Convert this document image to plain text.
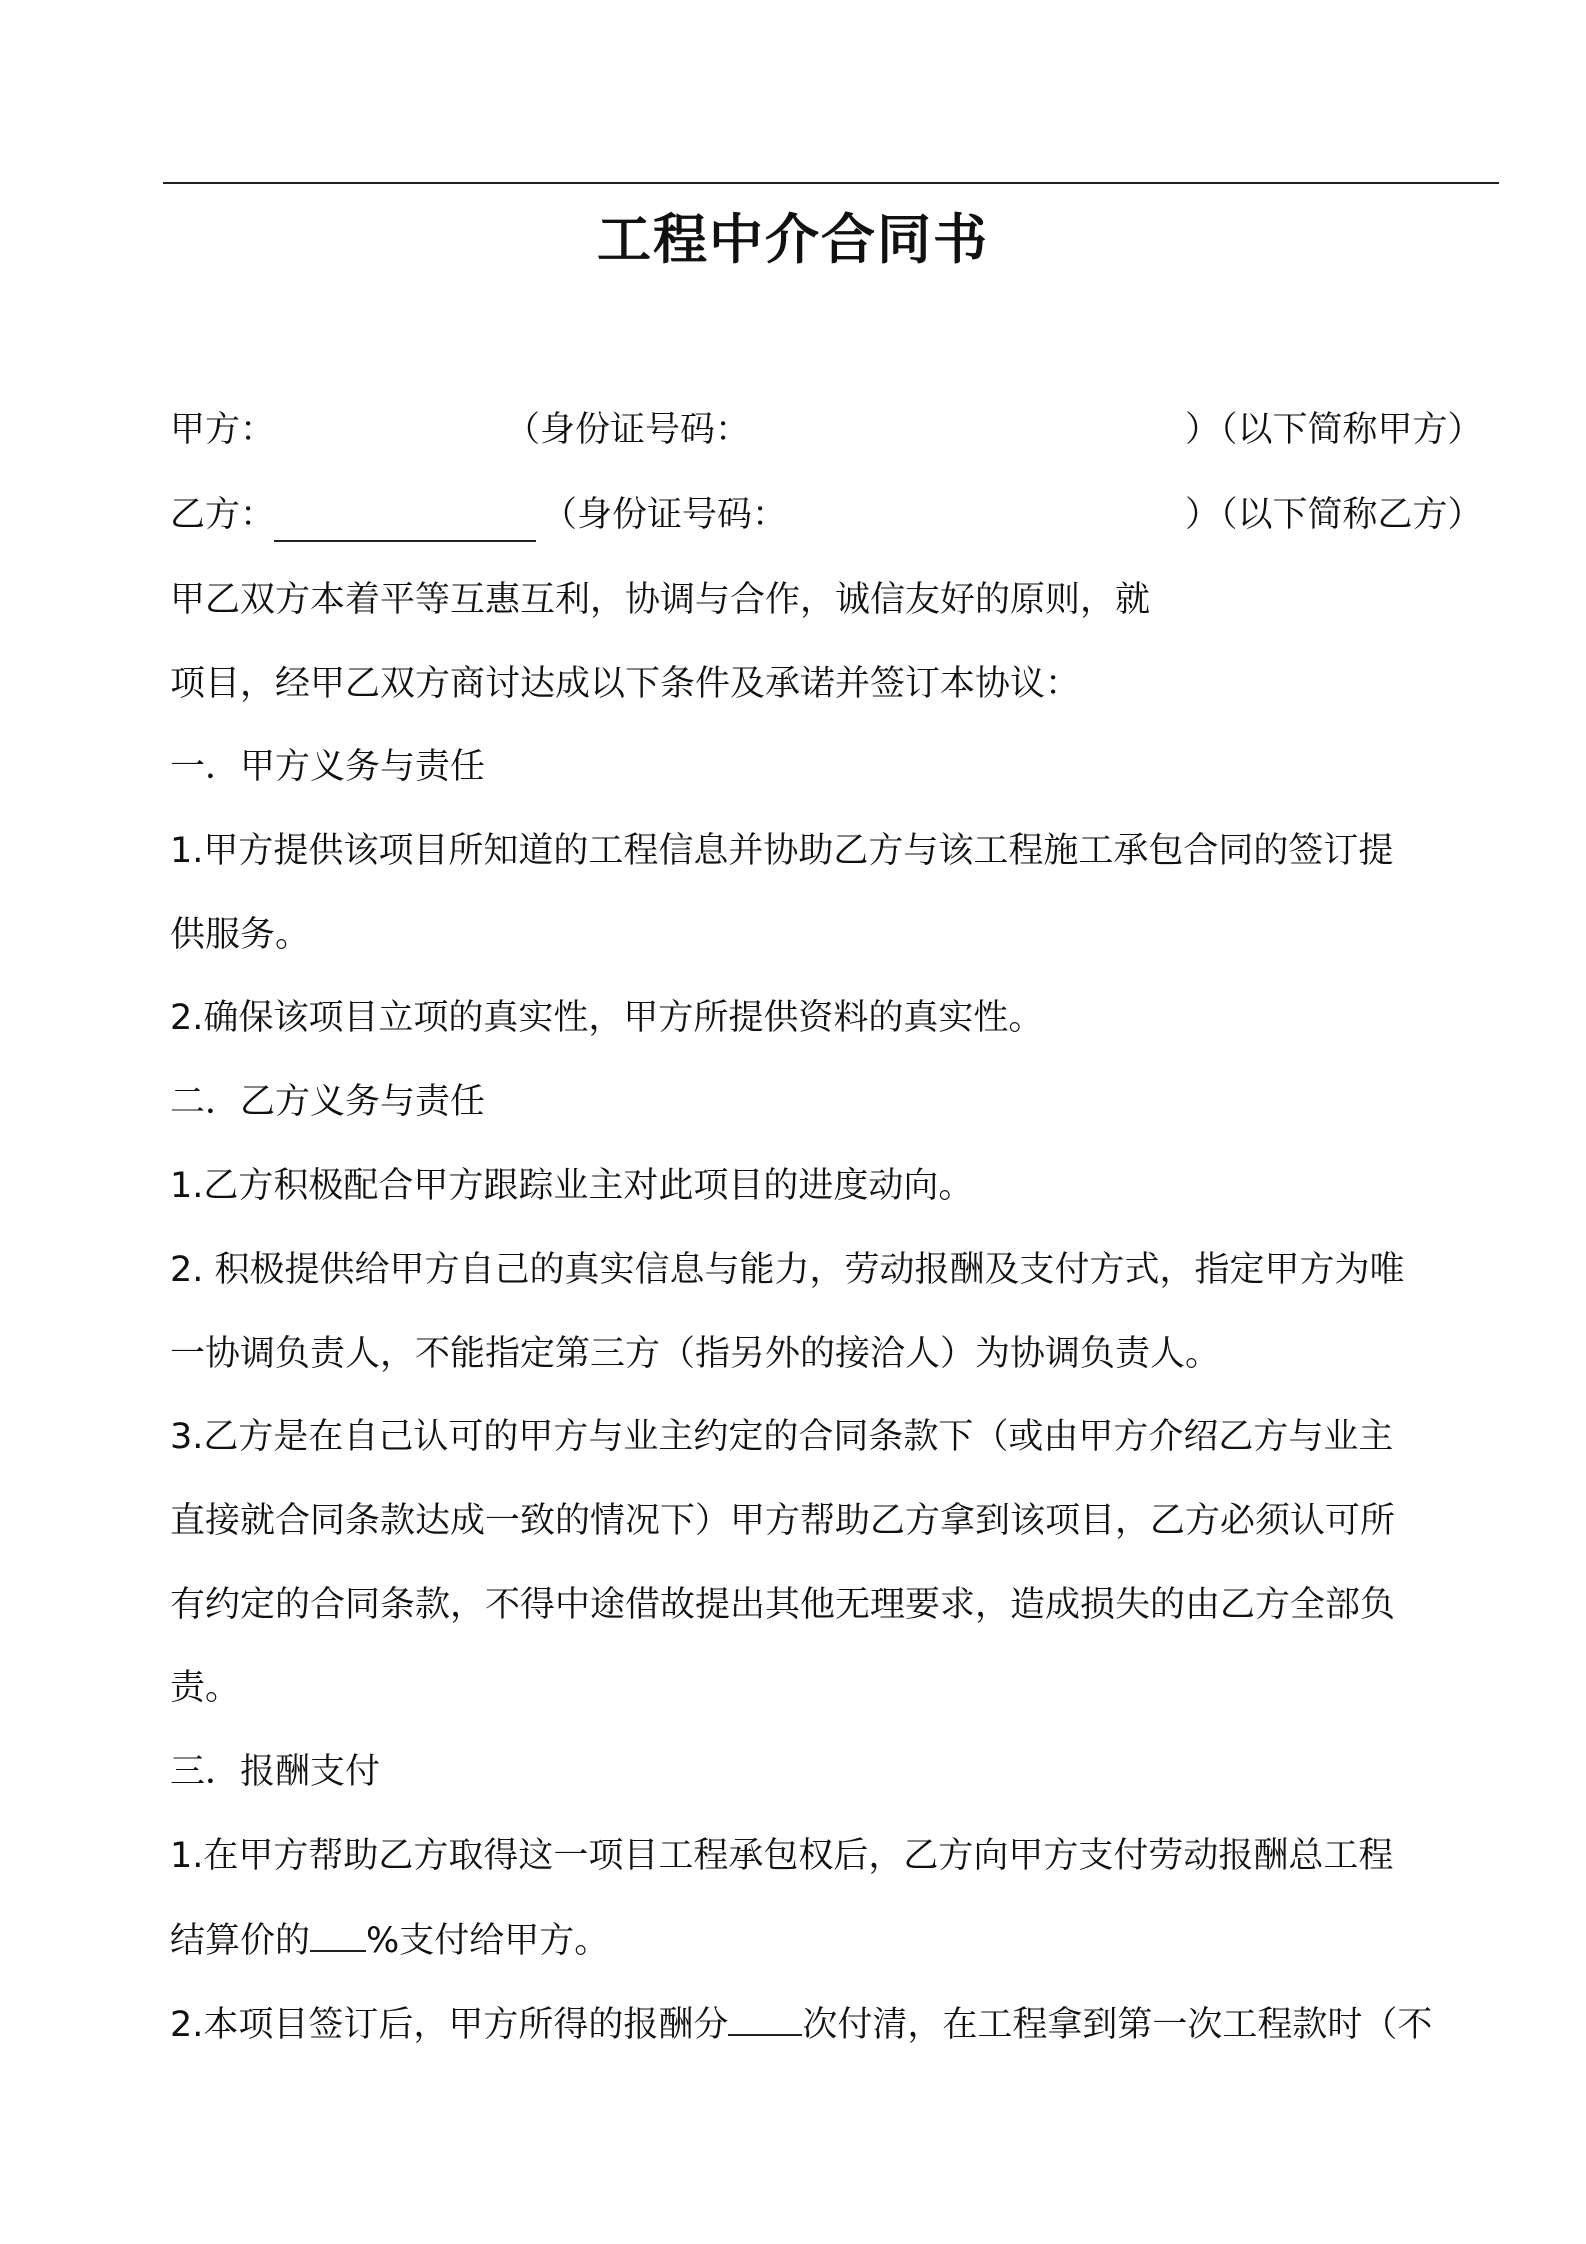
工程中介合同书
甲方：	（身份证号码：	）（以下简称甲方）
乙方：	（身份证号码：	）（以下简称乙方）
甲乙双方本着平等互惠互利，协调与合作，诚信友好的原则，就
项目，经甲乙双方商讨达成以下条件及承诺并签订本协议：
一．甲方义务与责任
1.甲方提供该项目所知道的工程信息并协助乙方与该工程施工承包合同的签订提
供服务。
2.确保该项目立项的真实性，甲方所提供资料的真实性。
二．乙方义务与责任
1.乙方积极配合甲方跟踪业主对此项目的进度动向。
2. 积极提供给甲方自己的真实信息与能力，劳动报酬及支付方式，指定甲方为唯
一协调负责人，不能指定第三方（指另外的接洽人）为协调负责人。
3.乙方是在自己认可的甲方与业主约定的合同条款下（或由甲方介绍乙方与业主
直接就合同条款达成一致的情况下）甲方帮助乙方拿到该项目，乙方必须认可所
有约定的合同条款，不得中途借故提出其他无理要求，造成损失的由乙方全部负
责。
三．报酬支付
1.在甲方帮助乙方取得这一项目工程承包权后，乙方向甲方支付劳动报酬总工程
结算价的 %支付给甲方。
2.本项目签订后，甲方所得的报酬分 次付清，在工程拿到第一次工程款时（不
